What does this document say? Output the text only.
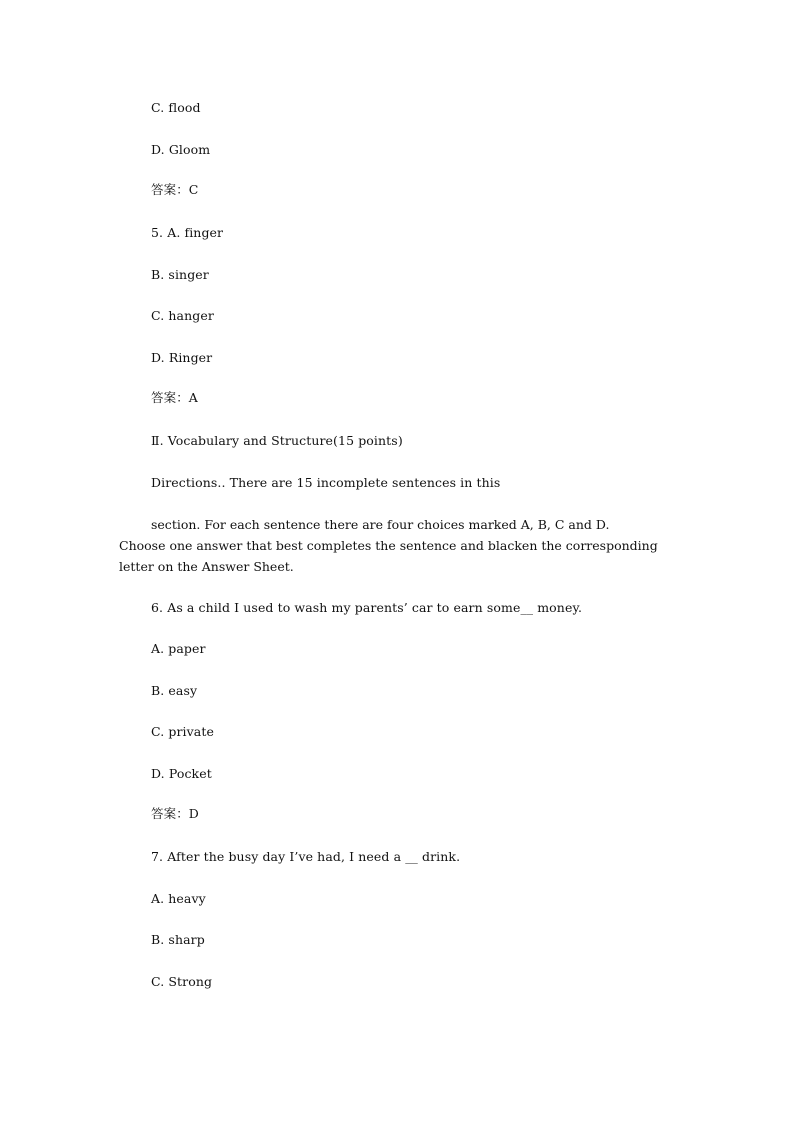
C. flood
D. Gloom
答案：C
5. A. finger
B. singer
C. hanger
D. Ringer
答案：A
Ⅱ. Vocabulary and Structure(15 points)
Directions.. There are 15 incomplete sentences in this
section. For each sentence there are four choices marked A, B, C and D. Choose one answer that best completes the sentence and blacken the corresponding letter on the Answer Sheet.
6. As a child I used to wash my parents’ car to earn some__ money.
A. paper
B. easy
C. private
D. Pocket
答案：D
7. After the busy day I’ve had, I need a __ drink.
A. heavy
B. sharp
C. Strong
